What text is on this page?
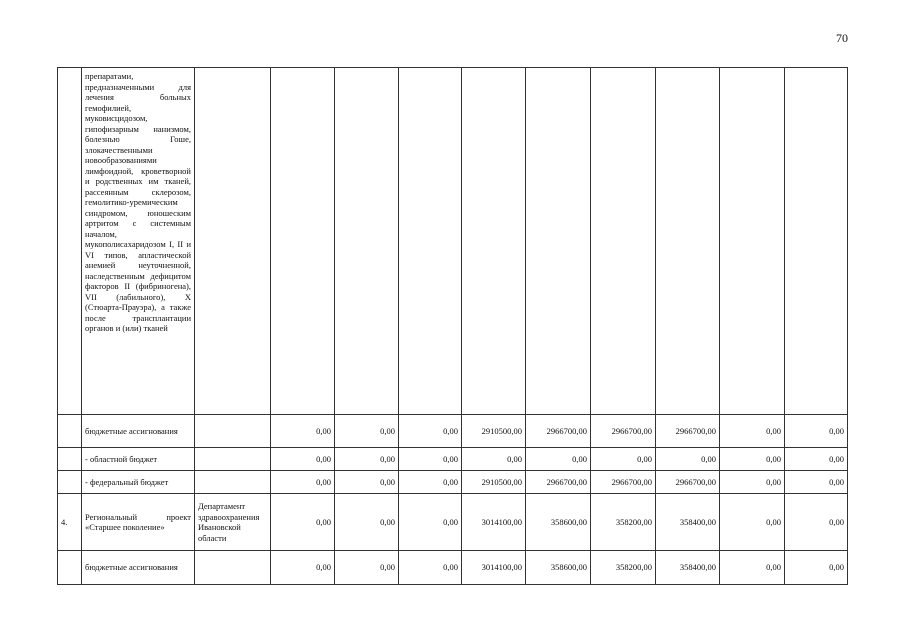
70
	препаратами, предназначенными для лечения больных гемофилией, муковисцидозом, гипофизарным нанизмом, болезнью Гоше, злокачественными новообразованиями лимфоидной, кроветворной и родственных им тканей, рассеянным склерозом, гемолитико-уремическим синдромом, юношеским артритом с системным началом, мукополисахаридозом I, II и VI типов, апластической анемией неуточненной, наследственным дефицитом факторов II (фибриногена), VII (лабильного), X (Стюарта-Прауэра), а также после трансплантации органов и (или) тканей										
	бюджетные ассигнования		0,00	0,00	0,00	2910500,00	2966700,00	2966700,00	2966700,00	0,00	0,00
	- областной бюджет		0,00	0,00	0,00	0,00	0,00	0,00	0,00	0,00	0,00
	- федеральный бюджет		0,00	0,00	0,00	2910500,00	2966700,00	2966700,00	2966700,00	0,00	0,00
4.	Региональный проект «Старшее поколение»	Департамент здравоохранения Ивановской области	0,00	0,00	0,00	3014100,00	358600,00	358200,00	358400,00	0,00	0,00
	бюджетные ассигнования		0,00	0,00	0,00	3014100,00	358600,00	358200,00	358400,00	0,00	0,00
